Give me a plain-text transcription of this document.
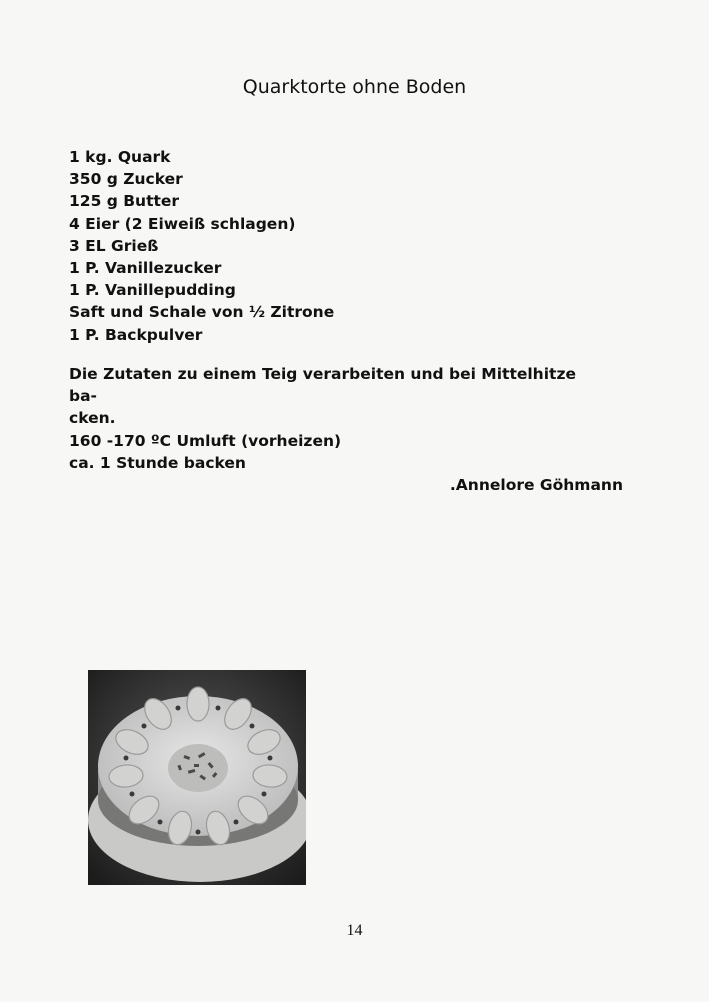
Quarktorte ohne Boden
1 kg. Quark
350 g Zucker
125 g Butter
4 Eier (2 Eiweiß schlagen)
3 EL Grieß
1 P. Vanillezucker
1 P. Vanillepudding
Saft und Schale von ½ Zitrone
1 P. Backpulver

Die Zutaten zu einem Teig verarbeiten und bei Mittelhitze ba-

cken.

160 -170 ºC Umluft (vorheizen)

ca. 1 Stunde backen

.Annelore Göhmann

14
